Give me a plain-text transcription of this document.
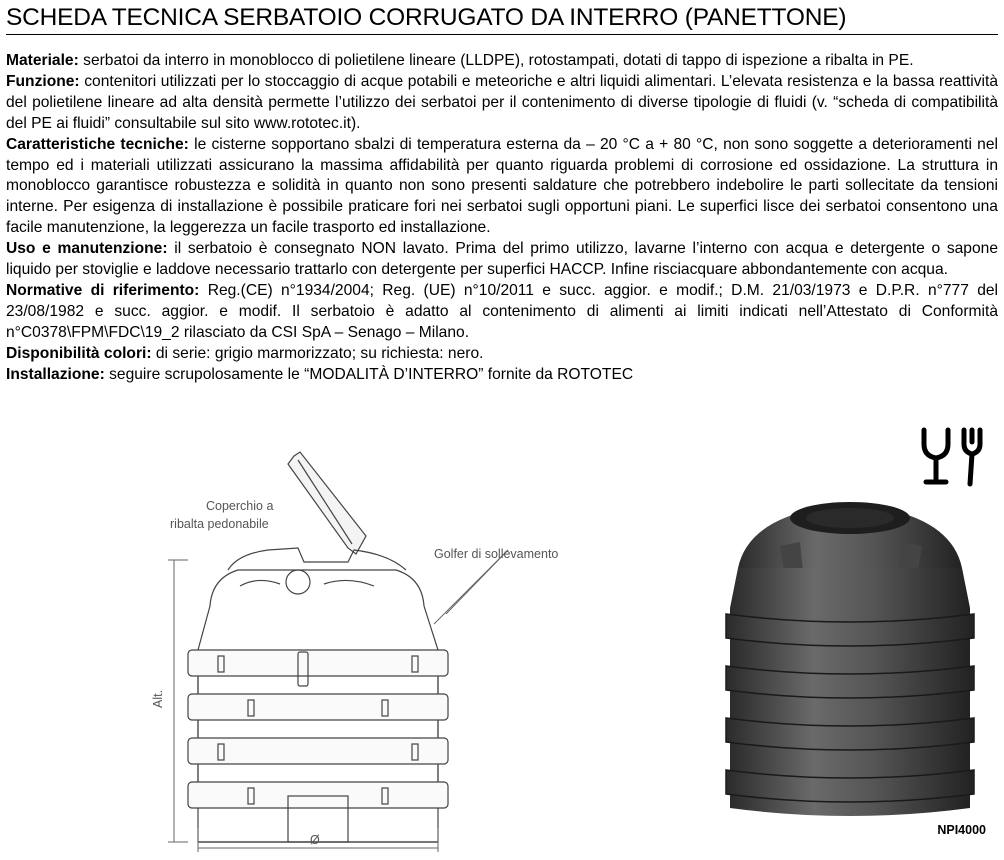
SCHEDA TECNICA SERBATOIO CORRUGATO DA INTERRO (PANETTONE)

Materiale: serbatoi da interro in monoblocco di polietilene lineare (LLDPE), rotostampati, dotati di tappo di ispezione a ribalta in PE.

Funzione: contenitori utilizzati per lo stoccaggio di acque potabili e meteoriche e altri liquidi alimentari. L’elevata resistenza e la bassa reattività del polietilene lineare ad alta densità permette l’utilizzo dei serbatoi per il contenimento di diverse tipologie di fluidi (v. “scheda di compatibilità del PE ai fluidi” consultabile sul sito www.rototec.it).

Caratteristiche tecniche: le cisterne sopportano sbalzi di temperatura esterna da – 20 °C a + 80 °C, non sono soggette a deterioramenti nel tempo ed i materiali utilizzati assicurano la massima affidabilità per quanto riguarda problemi di corrosione ed ossidazione. La struttura in monoblocco garantisce robustezza e solidità in quanto non sono presenti saldature che potrebbero indebolire le parti sollecitate da tensioni interne. Per esigenza di installazione è possibile praticare fori nei serbatoi sugli opportuni piani. Le superfici lisce dei serbatoi consentono una facile manutenzione, la leggerezza un facile trasporto ed installazione.

Uso e manutenzione: il serbatoio è consegnato NON lavato. Prima del primo utilizzo, lavarne l’interno con acqua e detergente o sapone liquido per stoviglie e laddove necessario trattarlo con detergente per superfici HACCP. Infine risciacquare abbondantemente con acqua.

Normative di riferimento: Reg.(CE) n°1934/2004; Reg. (UE) n°10/2011 e succ. aggior. e modif.; D.M. 21/03/1973 e D.P.R. n°777 del 23/08/1982 e succ. aggior. e modif. Il serbatoio è adatto al contenimento di alimenti ai limiti indicati nell’Attestato di Conformità n°C0378\FPM\FDC\19_2 rilasciato da CSI SpA – Senago – Milano.

Disponibilità colori: di serie: grigio marmorizzato; su richiesta: nero.

Installazione: seguire scrupolosamente le “MODALITÀ D’INTERRO” fornite da ROTOTEC

Coperchio a
ribalta pedonabile
Golfer di sollevamento
Alt.
Ø
NPI4000
